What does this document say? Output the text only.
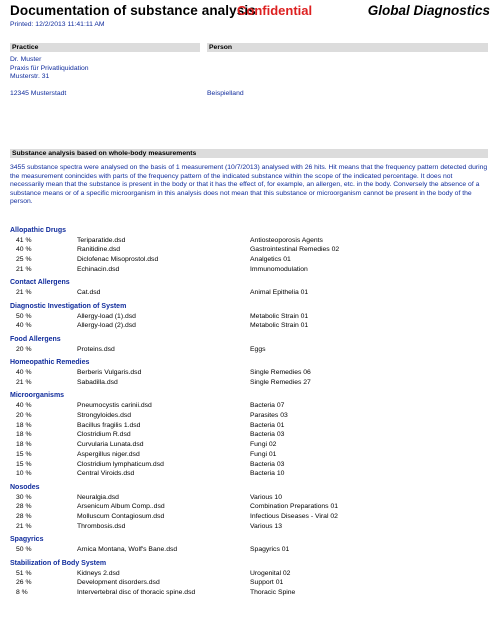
Documentation of substance analysis
Confidential	Global Diagnostics
Printed: 12/2/2013 11:41:11 AM
Practice	Person
Dr. Muster
Praxis für Privatliquidation
Musterstr. 31
12345 Musterstadt	Beispielland
Substance analysis based on whole-body measurements
3455 substance spectra were analysed on the basis of 1 measurement (10/7/2013) analysed with 26 hits. Hit means that the frequency pattern detected during the measurement conincides with parts of the frequency pattern of the indicated substance within the scope of the indicated percentage. It does not necessarily mean that the substance is present in the body or that it has the effect of, for example, an allergen, etc. in the body. Conversely the absence of a substance means or of a specific microorganism in this analysis does not mean that this substance or microorganism cannot be present in the body of the person.
Allopathic Drugs
41 %	Teriparatide.dsd	Antiosteoporosis Agents
40 %	Ranitidine.dsd	Gastrointestinal Remedies 02
25 %	Diclofenac Misoprostol.dsd	Analgetics 01
21 %	Echinacin.dsd	Immunomodulation
Contact Allergens
21 %	Cat.dsd	Animal Epithelia 01
Diagnostic Investigation of System
50 %	Allergy-load (1).dsd	Metabolic Strain 01
40 %	Allergy-load (2).dsd	Metabolic Strain 01
Food Allergens
20 %	Proteins.dsd	Eggs
Homeopathic Remedies
40 %	Berberis Vulgaris.dsd	Single Remedies 06
21 %	Sabadilla.dsd	Single Remedies 27
Microorganisms
40 %	Pneumocystis carinii.dsd	Bacteria 07
20 %	Strongyloides.dsd	Parasites 03
18 %	Bacillus fragilis 1.dsd	Bacteria 01
18 %	Clostridium R.dsd	Bacteria 03
18 %	Curvularia Lunata.dsd	Fungi 02
15 %	Aspergillus niger.dsd	Fungi 01
15 %	Clostridium lymphaticum.dsd	Bacteria 03
10 %	Central Viroids.dsd	Bacteria 10
Nosodes
30 %	Neuralgia.dsd	Various 10
28 %	Arsenicum Album Comp..dsd	Combination Preparations 01
28 %	Molluscum Contagiosum.dsd	Infectious Diseases - Viral 02
21 %	Thrombosis.dsd	Various 13
Spagyrics
50 %	Arnica Montana, Wolf's Bane.dsd	Spagyrics 01
Stabilization of Body System
51 %	Kidneys 2.dsd	Urogenital 02
26 %	Development disorders.dsd	Support 01
8 %	Intervertebral disc of thoracic spine.dsd	Thoracic Spine
